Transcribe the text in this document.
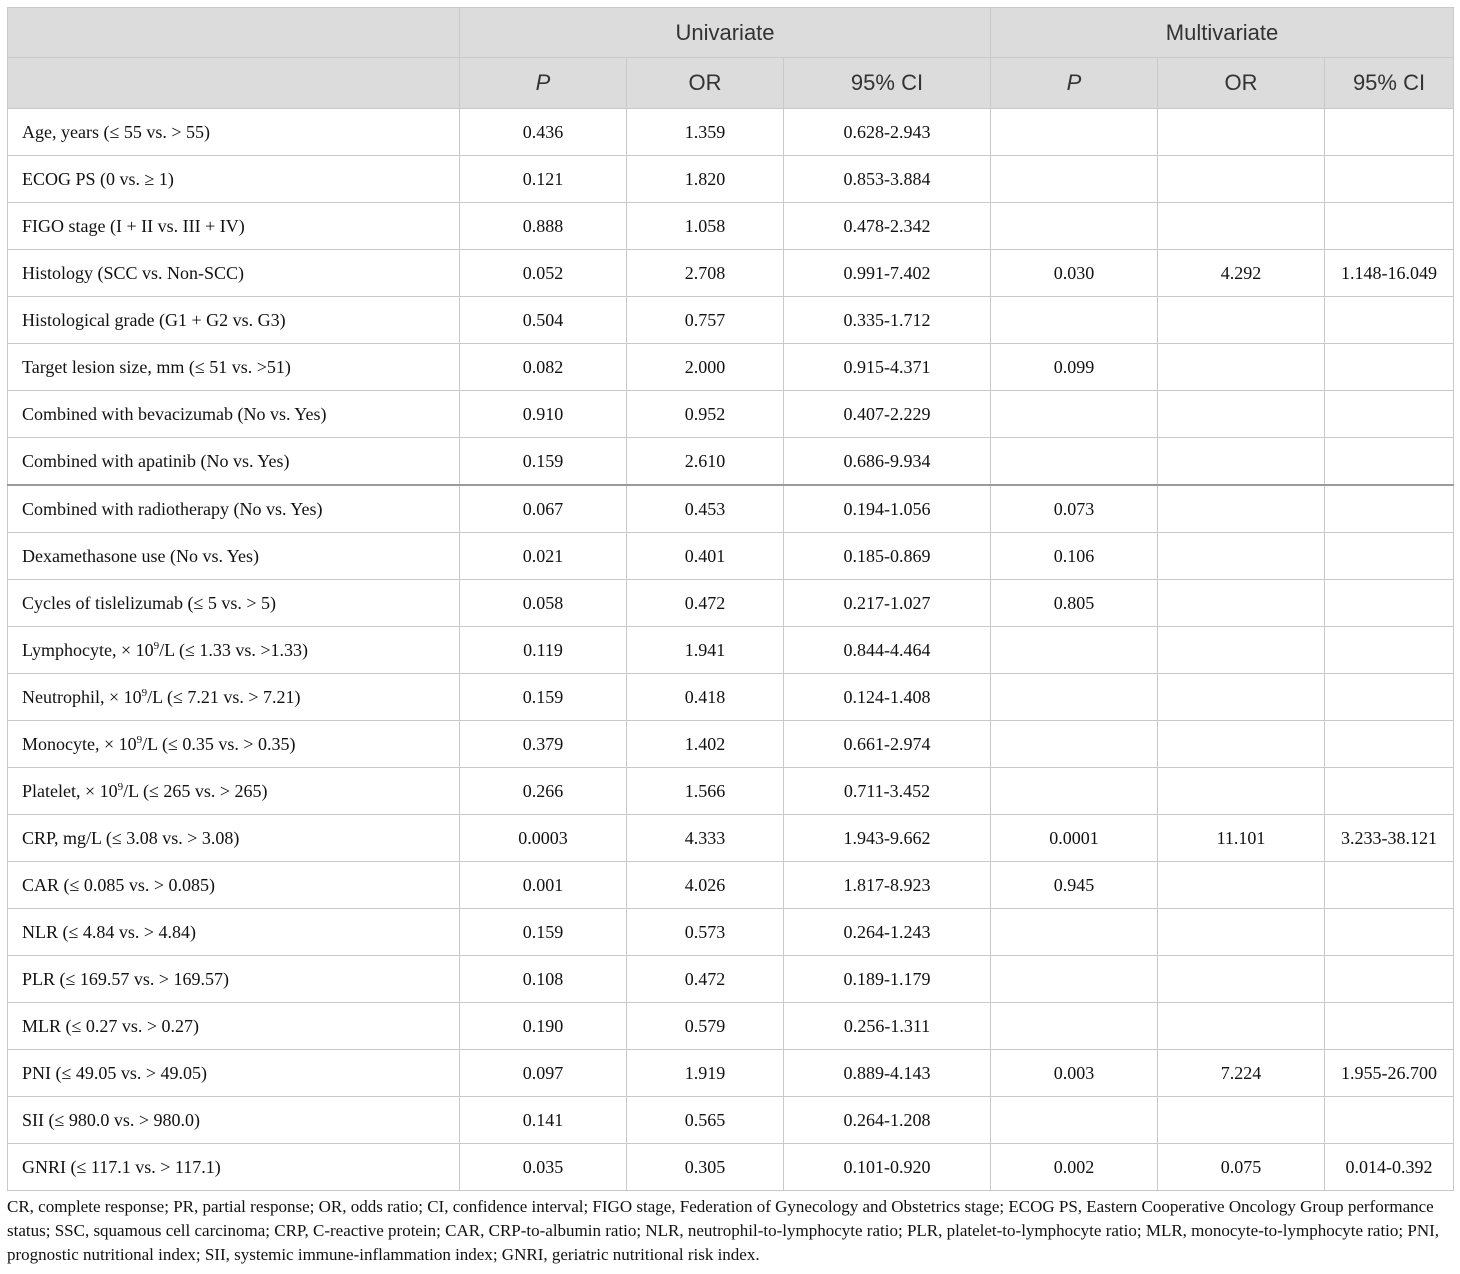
	Univariate			Multivariate		
	P	OR	95% CI	P	OR	95% CI
Age, years (≤ 55 vs. > 55)	0.436	1.359	0.628-2.943			
ECOG PS (0 vs. ≥ 1)	0.121	1.820	0.853-3.884			
FIGO stage (I + II vs. III + IV)	0.888	1.058	0.478-2.342			
Histology (SCC vs. Non-SCC)	0.052	2.708	0.991-7.402	0.030	4.292	1.148-16.049
Histological grade (G1 + G2 vs. G3)	0.504	0.757	0.335-1.712			
Target lesion size, mm (≤ 51 vs. >51)	0.082	2.000	0.915-4.371	0.099		
Combined with bevacizumab (No vs. Yes)	0.910	0.952	0.407-2.229			
Combined with apatinib (No vs. Yes)	0.159	2.610	0.686-9.934			
Combined with radiotherapy (No vs. Yes)	0.067	0.453	0.194-1.056	0.073		
Dexamethasone use (No vs. Yes)	0.021	0.401	0.185-0.869	0.106		
Cycles of tislelizumab (≤ 5 vs. > 5)	0.058	0.472	0.217-1.027	0.805		
Lymphocyte, × $10^9/L$ (≤ 1.33 vs. >1.33)	0.119	1.941	0.844-4.464			
Neutrophil, × $10^9/L$ (≤ 7.21 vs. > 7.21)	0.159	0.418	0.124-1.408			
Monocyte, × $10^9/L$ (≤ 0.35 vs. > 0.35)	0.379	1.402	0.661-2.974			
Platelet, × $10^9/L$ (≤ 265 vs. > 265)	0.266	1.566	0.711-3.452			
CRP, mg/L (≤ 3.08 vs. > 3.08)	0.0003	4.333	1.943-9.662	0.0001	11.101	3.233-38.121
CAR (≤ 0.085 vs. > 0.085)	0.001	4.026	1.817-8.923	0.945		
NLR (≤ 4.84 vs. > 4.84)	0.159	0.573	0.264-1.243			
PLR (≤ 169.57 vs. > 169.57)	0.108	0.472	0.189-1.179			
MLR (≤ 0.27 vs. > 0.27)	0.190	0.579	0.256-1.311			
PNI (≤ 49.05 vs. > 49.05)	0.097	1.919	0.889-4.143	0.003	7.224	1.955-26.700
SII (≤ 980.0 vs. > 980.0)	0.141	0.565	0.264-1.208			
GNRI (≤ 117.1 vs. > 117.1)	0.035	0.305	0.101-0.920	0.002	0.075	0.014-0.392

CR, complete response; PR, partial response; OR, odds ratio; CI, confidence interval; FIGO stage, Federation of Gynecology and Obstetrics stage; ECOG PS, Eastern Cooperative Oncology Group performance status; SSC, squamous cell carcinoma; CRP, C-reactive protein; CAR, CRP-to-albumin ratio; NLR, neutrophil-to-lymphocyte ratio; PLR, platelet-to-lymphocyte ratio; MLR, monocyte-to-lymphocyte ratio; PNI, prognostic nutritional index; SII, systemic immune-inflammation index; GNRI, geriatric nutritional risk index.
